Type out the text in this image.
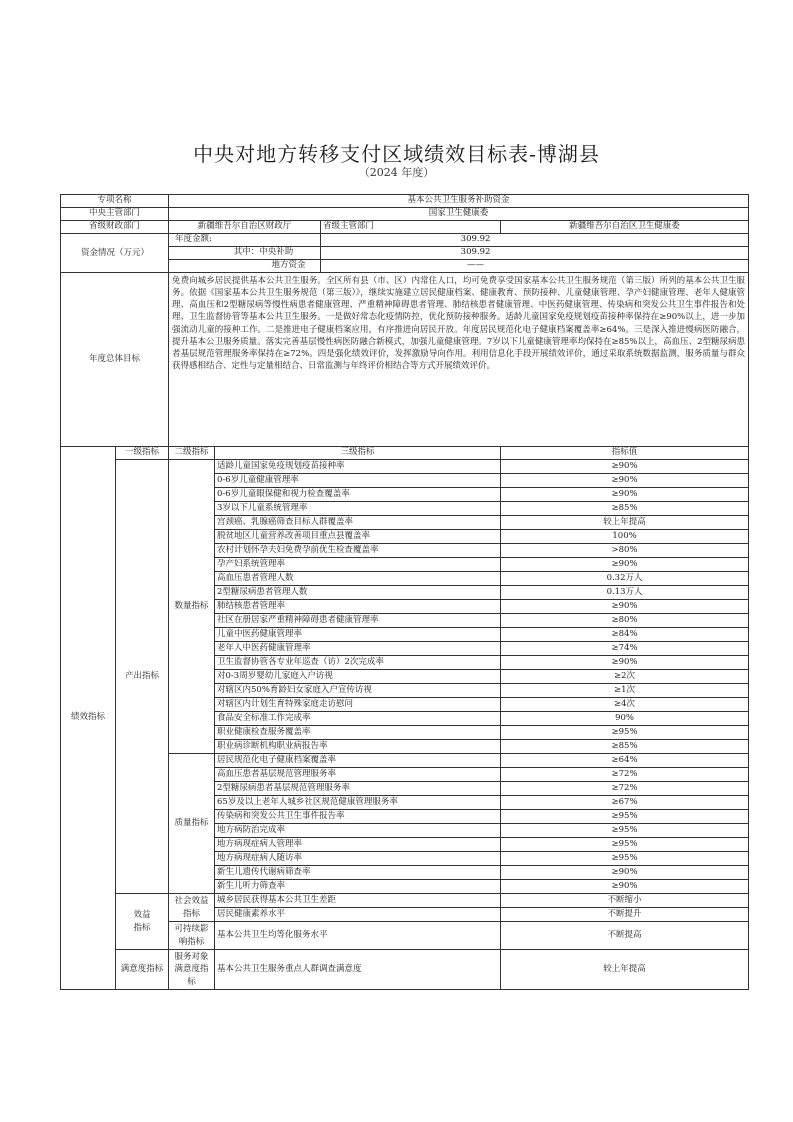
中央对地方转移支付区域绩效目标表-博湖县
（2024 年度）
专项名称		基本公共卫生服务补助资金			
中央主管部门		国家卫生健康委			
省级财政部门		新疆维吾尔自治区财政厅		省级主管部门	新疆维吾尔自治区卫生健康委
资金情况（万元）		年度金额:		309.92	
		其中：中央补助		309.92	
		地方资金		——	
年度总体目标		免费向城乡居民提供基本公共卫生服务。全区所有县（市、区）内常住人口，均可免费享受国家基本公共卫生服务规范（第三版）所列的基本公共卫生服务。依据《国家基本公共卫生服务规范（第三版）》，继续实施建立居民健康档案、健康教育、预防接种、儿童健康管理、孕产妇健康管理、老年人健康管理、高血压和2型糖尿病等慢性病患者健康管理、严重精神障碍患者管理、肺结核患者健康管理、中医药健康管理、传染病和突发公共卫生事件报告和处理、卫生监督协管等基本公共卫生服务。一是做好常态化疫情防控，优化预防接种服务。适龄儿童国家免疫规划疫苗接种率保持在≥90%以上，进一步加强流动儿童的接种工作。二是推进电子健康档案应用，有序推进向居民开放。年度居民规范化电子健康档案覆盖率≥64%。三是深入推进慢病医防融合，提升基本公卫服务质量。落实完善基层慢性病医防融合新模式，加强儿童健康管理。7岁以下儿童健康管理率均保持在≥85%以上，高血压、2型糖尿病患者基层规范管理服务率保持在≥72%。四是强化绩效评价，发挥激励导向作用。利用信息化手段开展绩效评价，通过采取系统数据监测，服务质量与群众获得感相结合、定性与定量相结合、日常监测与年终评价相结合等方式开展绩效评价。			
绩效指标	一级指标	二级指标	三级指标		指标值
	产出指标	数量指标	适龄儿童国家免疫规划疫苗接种率		≥90%
			0-6岁儿童健康管理率		≥90%
			0-6岁儿童眼保健和视力检查覆盖率		≥90%
			3岁以下儿童系统管理率		≥85%
			宫颈癌、乳腺癌筛查目标人群覆盖率		较上年提高
			脱贫地区儿童营养改善项目重点县覆盖率		100%
			农村计划怀孕夫妇免费孕前优生检查覆盖率		>80%
			孕产妇系统管理率		≥90%
			高血压患者管理人数		0.32万人
			2型糖尿病患者管理人数		0.13万人
			肺结核患者管理率		≥90%
			社区在册居家严重精神障碍患者健康管理率		≥80%
			儿童中医药健康管理率		≥84%
			老年人中医药健康管理率		≥74%
			卫生监督协管各专业年巡查（访）2次完成率		≥90%
			对0-3周岁婴幼儿家庭入户访视		≥2次
			对辖区内50%育龄妇女家庭入户宣传访视		≥1次
			对辖区内计划生育特殊家庭走访慰问		≥4次
			食品安全标准工作完成率		90%
			职业健康检查服务覆盖率		≥95%
			职业病诊断机构职业病报告率		≥85%
		质量指标	居民规范化电子健康档案覆盖率		≥64%
			高血压患者基层规范管理服务率		≥72%
			2型糖尿病患者基层规范管理服务率		≥72%
			65岁及以上老年人城乡社区规范健康管理服务率		≥67%
			传染病和突发公共卫生事件报告率		≥95%
			地方病防治完成率		≥95%
			地方病现症病人管理率		≥95%
			地方病现症病人随访率		≥95%
			新生儿遗传代谢病筛查率		≥90%
			新生儿听力筛查率		≥90%
	效益指标	社会效益指标	城乡居民获得基本公共卫生差距		不断缩小
			居民健康素养水平		不断提升
		可持续影响指标	基本公共卫生均等化服务水平		不断提高
	满意度指标	服务对象满意度指标	基本公共卫生服务重点人群调查满意度		较上年提高
